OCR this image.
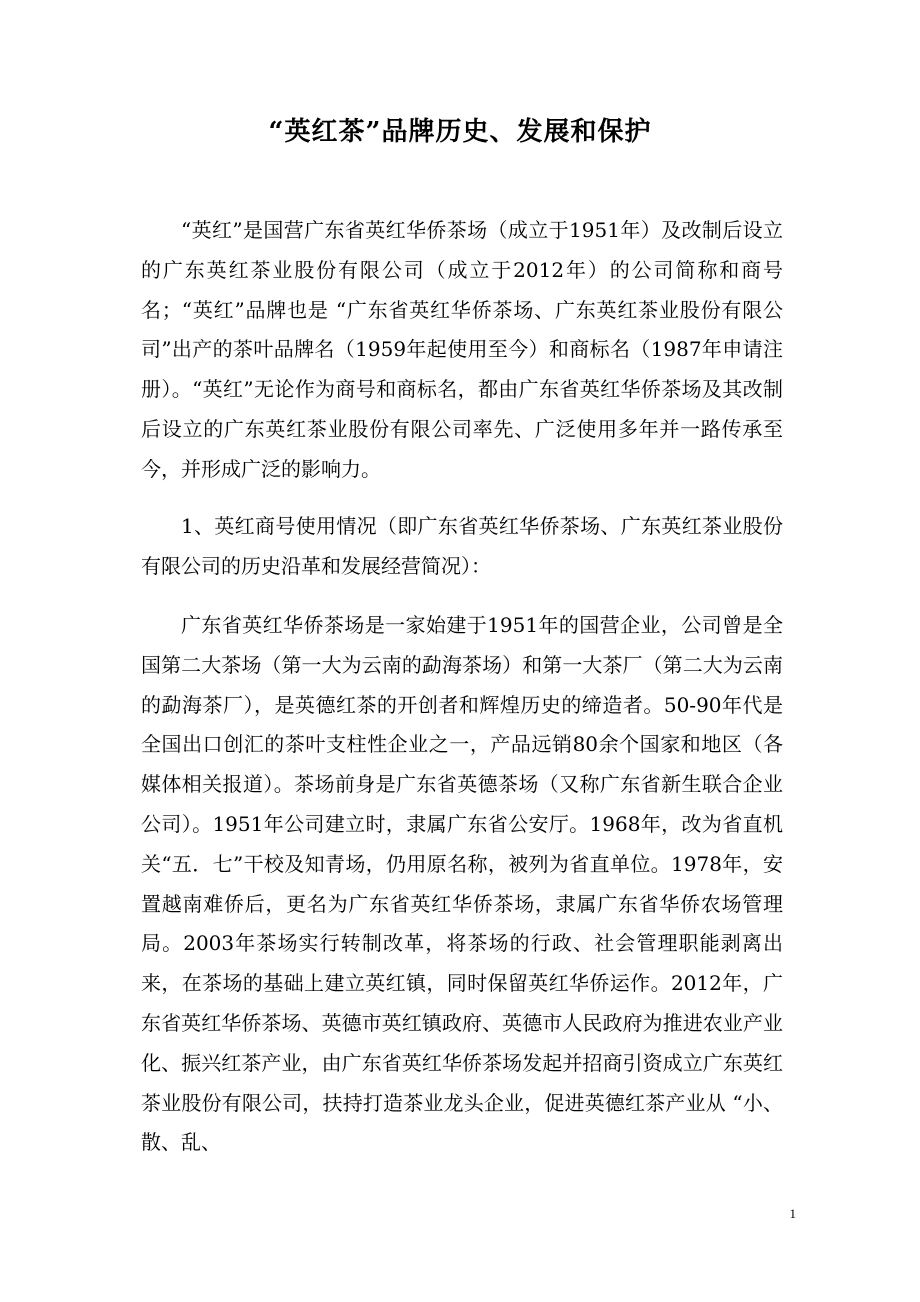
“英红茶”品牌历史、发展和保护

“英红”是国营广东省英红华侨茶场（成立于1951年）及改制后设立的广东英红茶业股份有限公司（成立于2012年）的公司简称和商号名；“英红”品牌也是 “广东省英红华侨茶场、广东英红茶业股份有限公司”出产的茶叶品牌名（1959年起使用至今）和商标名（1987年申请注册）。“英红”无论作为商号和商标名，都由广东省英红华侨茶场及其改制后设立的广东英红茶业股份有限公司率先、广泛使用多年并一路传承至今，并形成广泛的影响力。

1、英红商号使用情况（即广东省英红华侨茶场、广东英红茶业股份有限公司的历史沿革和发展经营简况）：

广东省英红华侨茶场是一家始建于1951年的国营企业，公司曾是全国第二大茶场（第一大为云南的勐海茶场）和第一大茶厂（第二大为云南的勐海茶厂），是英德红茶的开创者和辉煌历史的缔造者。50-90年代是全国出口创汇的茶叶支柱性企业之一，产品远销80余个国家和地区（各媒体相关报道）。茶场前身是广东省英德茶场（又称广东省新生联合企业公司）。1951年公司建立时，隶属广东省公安厅。1968年，改为省直机关“五．七”干校及知青场，仍用原名称，被列为省直单位。1978年，安置越南难侨后，更名为广东省英红华侨茶场，隶属广东省华侨农场管理局。2003年茶场实行转制改革，将茶场的行政、社会管理职能剥离出来，在茶场的基础上建立英红镇，同时保留英红华侨运作。2012年，广东省英红华侨茶场、英德市英红镇政府、英德市人民政府为推进农业产业化、振兴红茶产业，由广东省英红华侨茶场发起并招商引资成立广东英红茶业股份有限公司，扶持打造茶业龙头企业，促进英德红茶产业从 “小、散、乱、

1
